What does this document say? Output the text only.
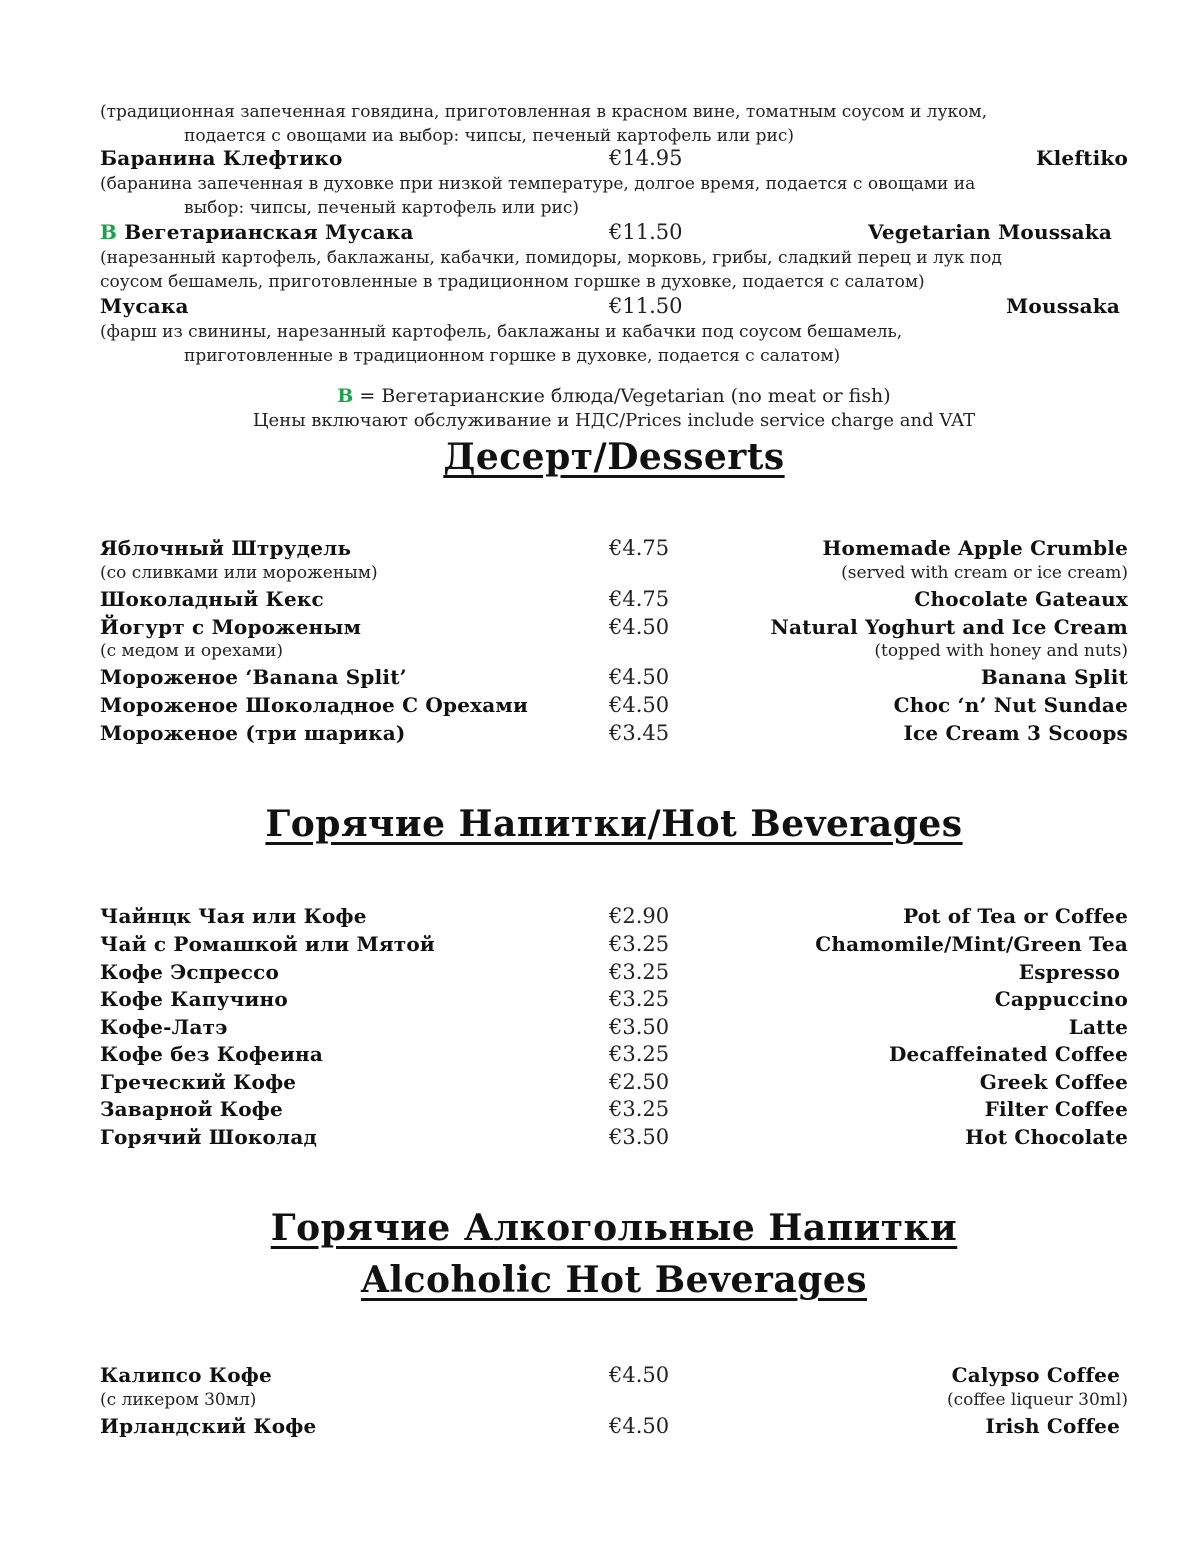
(традиционная запеченная говядина, приготовленная в красном вине, томатным соусом и луком,
подается с овощами иа выбор: чипсы, печеный картофель или рис)
Баранина Клефтико	€14.95	Kleftiko
(баранина запеченная в духовке при низкой температуре, долгое время, подается с овощами иа
выбор: чипсы, печеный картофель или рис)
В Вегетарианская Мусака	€11.50	Vegetarian Moussaka
(нарезанный картофель, баклажаны, кабачки, помидоры, морковь, грибы, сладкий перец и лук под
соусом бешамель, приготовленные в традиционном горшке в духовке, подается с салатом)
Мусака	€11.50	Moussaka
(фарш из свинины, нарезанный картофель, баклажаны и кабачки под соусом бешамель,
приготовленные в традиционном горшке в духовке, подается с салатом)
В = Вегетарианские блюда/Vegetarian (no meat or fish)
Цены включают обслуживание и НДС/Prices include service charge and VAT
Десерт/Desserts
Яблочный Штрудель	€4.75	Homemade Apple Crumble
(со сливками или мороженым)	(served with cream or ice cream)
Шоколадный Кекс	€4.75	Chocolate Gateaux
Йогурт с Мороженым	€4.50	Natural Yoghurt and Ice Cream
(с медом и орехами)	(topped with honey and nuts)
Мороженое ‘Banana Split’	€4.50	Banana Split
Мороженое Шоколадное С Орехами	€4.50	Choc ‘n’ Nut Sundae
Мороженое (три шарика)	€3.45	Ice Cream 3 Scoops
Горячие Напитки/Hot Beverages
Чайнцк Чая или Кофе	€2.90	Pot of Tea or Coffee
Чай с Ромашкой или Мятой	€3.25	Chamomile/Mint/Green Tea
Кофе Эспрессо	€3.25	Espresso
Кофе Капучино	€3.25	Cappuccino
Кофе-Латэ	€3.50	Latte
Кофе без Кофеина	€3.25	Decaffeinated Coffee
Греческий Кофе	€2.50	Greek Coffee
Заварной Кофе	€3.25	Filter Coffee
Горячий Шоколад	€3.50	Hot Chocolate
Горячие Алкогольные Напитки
Alcoholic Hot Beverages
Калипсо Кофе	€4.50	Calypso Coffee
(с ликером 30мл)	(coffee liqueur 30ml)
Ирландский Кофе	€4.50	Irish Coffee
